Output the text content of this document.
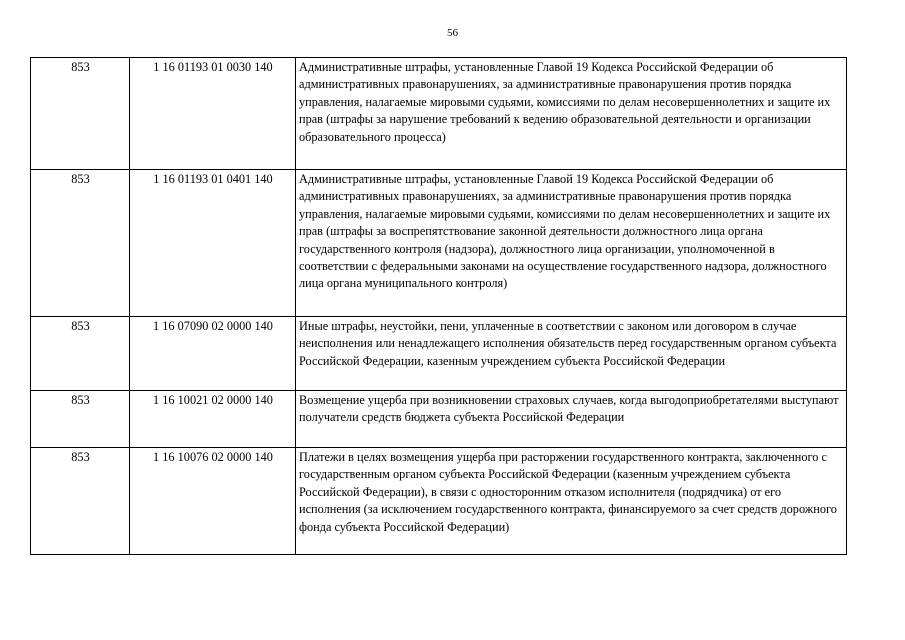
56
853	1 16 01193 01 0030 140	Административные штрафы, установленные Главой 19 Кодекса Российской Федерации об административных правонарушениях, за административные правонарушения против порядка управления, налагаемые мировыми судьями, комиссиями по делам несовершеннолетних и защите их прав (штрафы за нарушение требований к ведению образовательной деятельности и организации образовательного процесса)
853	1 16 01193 01 0401 140	Административные штрафы, установленные Главой 19 Кодекса Российской Федерации об административных правонарушениях, за административные правонарушения против порядка управления, налагаемые мировыми судьями, комиссиями по делам несовершеннолетних и защите их прав (штрафы за воспрепятствование законной деятельности должностного лица органа государственного контроля (надзора), должностного лица организации, уполномоченной в соответствии с федеральными законами на осуществление государственного надзора, должностного лица органа муниципального контроля)
853	1 16 07090 02 0000 140	Иные штрафы, неустойки, пени, уплаченные в соответствии с законом или договором в случае неисполнения или ненадлежащего исполнения обязательств перед государственным органом субъекта Российской Федерации, казенным учреждением субъекта Российской Федерации
853	1 16 10021 02 0000 140	Возмещение ущерба при возникновении страховых случаев, когда выгодоприобретателями выступают получатели средств бюджета субъекта Российской Федерации
853	1 16 10076 02 0000 140	Платежи в целях возмещения ущерба при расторжении государственного контракта, заключенного с государственным органом субъекта Российской Федерации (казенным учреждением субъекта Российской Федерации), в связи с односторонним отказом исполнителя (подрядчика) от его исполнения (за исключением государственного контракта, финансируемого за счет средств дорожного фонда субъекта Российской Федерации)
